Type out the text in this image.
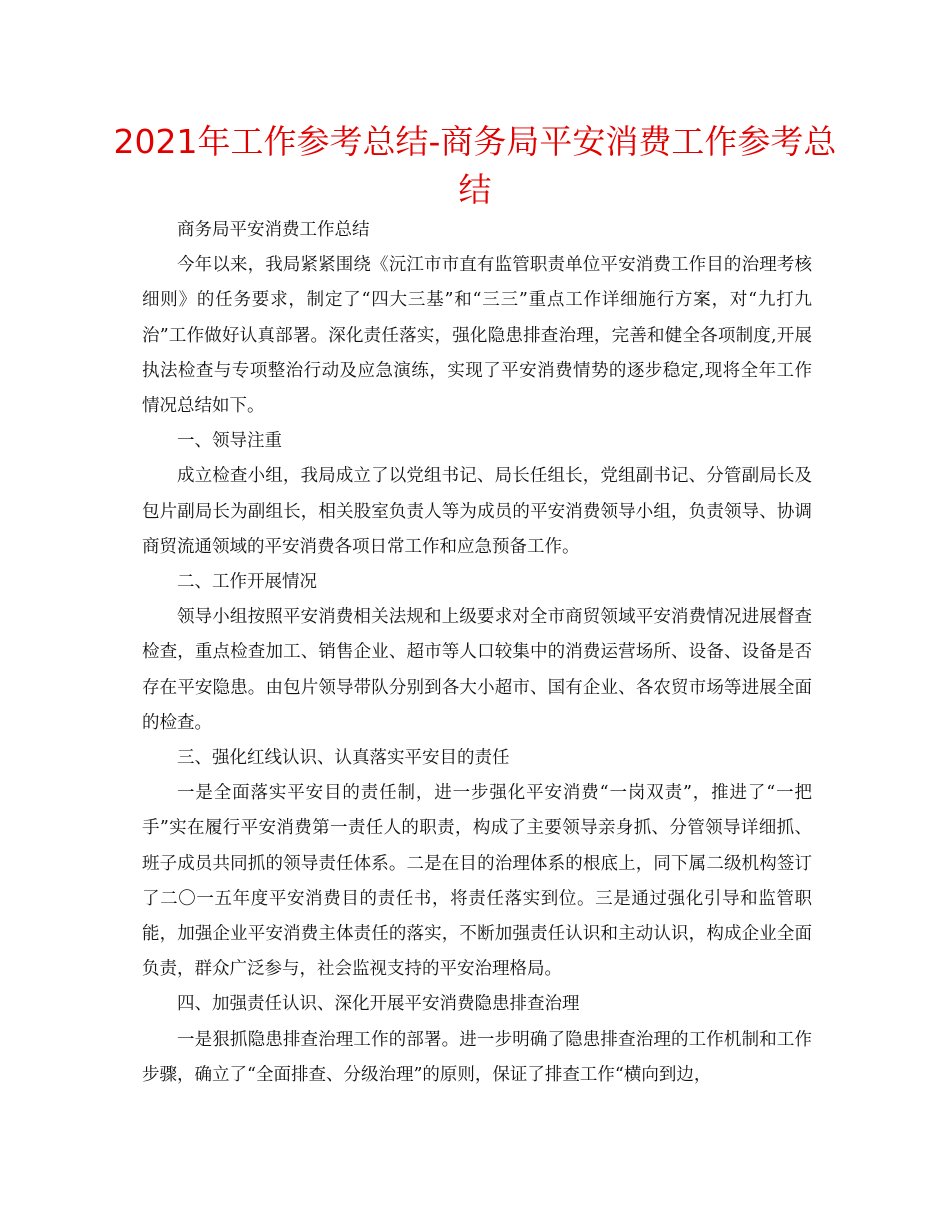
2021年工作参考总结-商务局平安消费工作参考总结

商务局平安消费工作总结

今年以来，我局紧紧围绕《沅江市市直有监管职责单位平安消费工作目的治理考核细则》的任务要求，制定了“四大三基”和“三三”重点工作详细施行方案，对“九打九治”工作做好认真部署。深化责任落实，强化隐患排查治理，完善和健全各项制度,开展执法检查与专项整治行动及应急演练，实现了平安消费情势的逐步稳定,现将全年工作情况总结如下。

一、领导注重

成立检查小组，我局成立了以党组书记、局长任组长，党组副书记、分管副局长及包片副局长为副组长，相关股室负责人等为成员的平安消费领导小组，负责领导、协调商贸流通领域的平安消费各项日常工作和应急预备工作。

二、工作开展情况

领导小组按照平安消费相关法规和上级要求对全市商贸领域平安消费情况进展督查检查，重点检查加工、销售企业、超市等人口较集中的消费运营场所、设备、设备是否存在平安隐患。由包片领导带队分别到各大小超市、国有企业、各农贸市场等进展全面的检查。

三、强化红线认识、认真落实平安目的责任

一是全面落实平安目的责任制，进一步强化平安消费“一岗双责”，推进了“一把手”实在履行平安消费第一责任人的职责，构成了主要领导亲身抓、分管领导详细抓、班子成员共同抓的领导责任体系。二是在目的治理体系的根底上，同下属二级机构签订了二〇一五年度平安消费目的责任书，将责任落实到位。三是通过强化引导和监管职能，加强企业平安消费主体责任的落实，不断加强责任认识和主动认识，构成企业全面负责，群众广泛参与，社会监视支持的平安治理格局。

四、加强责任认识、深化开展平安消费隐患排查治理

一是狠抓隐患排查治理工作的部署。进一步明确了隐患排查治理的工作机制和工作步骤，确立了“全面排查、分级治理”的原则，保证了排查工作“横向到边，
